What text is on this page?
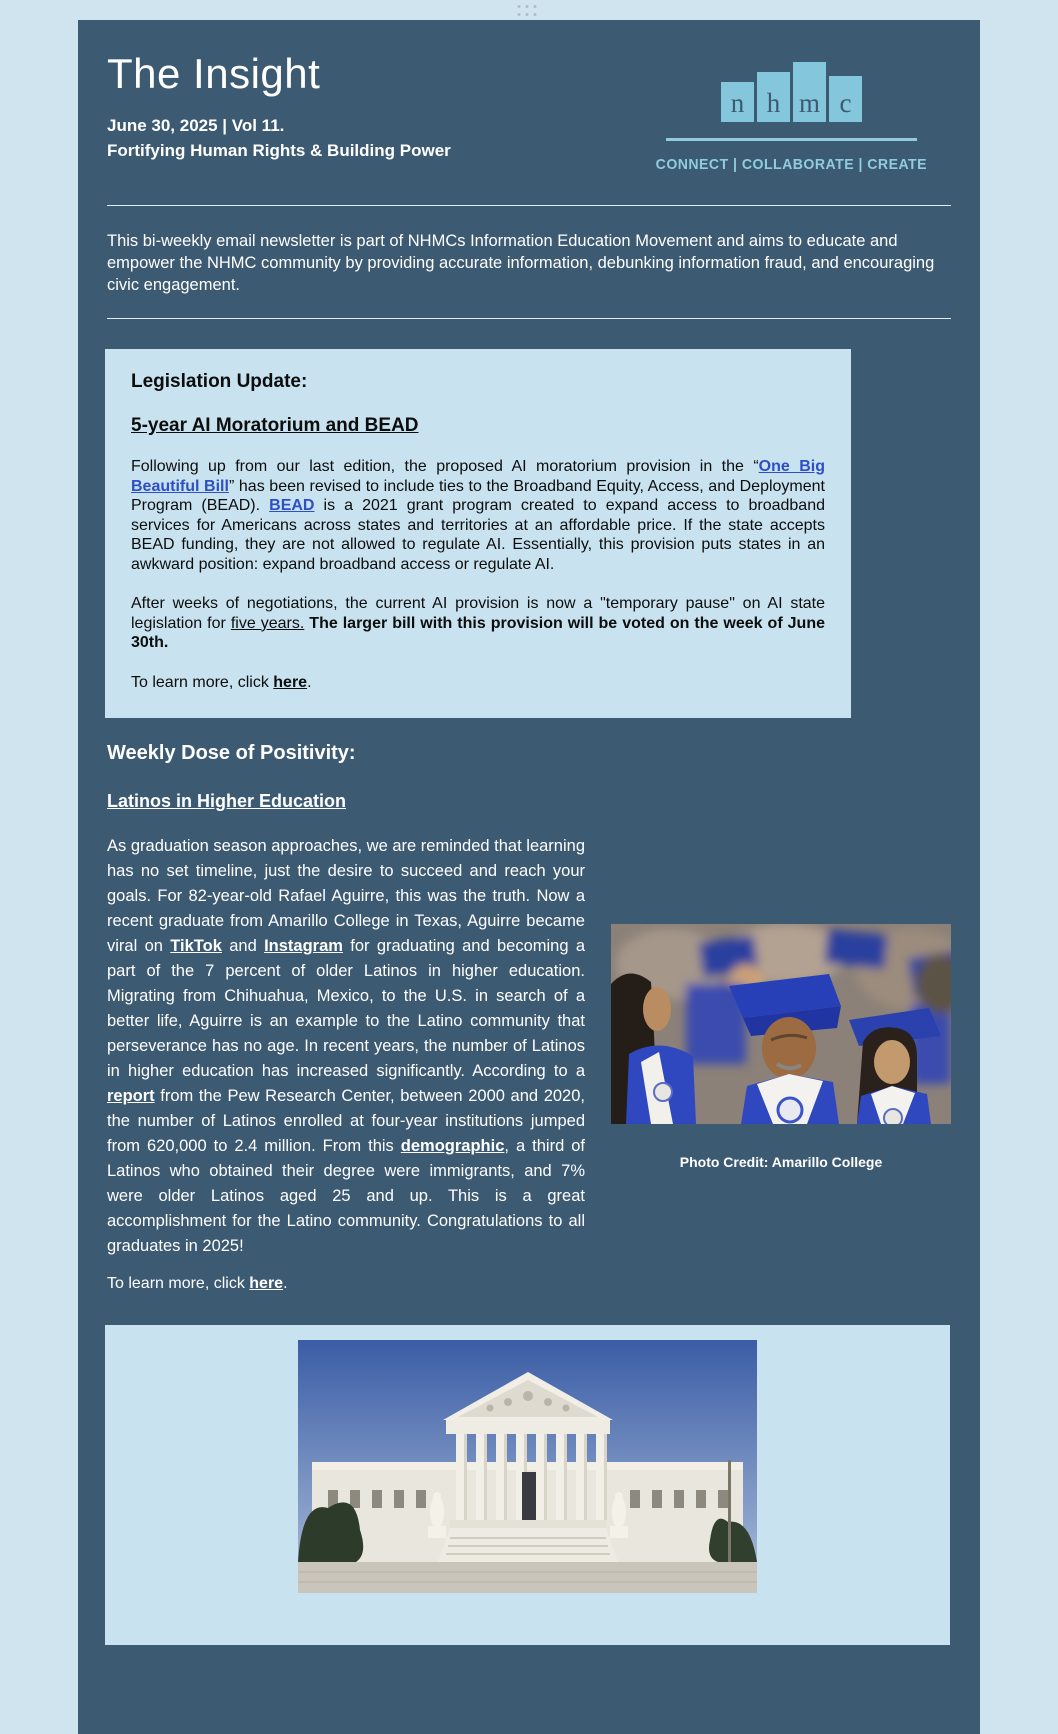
The Insight
June 30, 2025 | Vol 11.
Fortifying Human Rights & Building Power
n h m c
CONNECT | COLLABORATE | CREATE

This bi-weekly email newsletter is part of NHMCs Information Education Movement and aims to educate and empower the NHMC community by providing accurate information, debunking information fraud, and encouraging civic engagement.

Legislation Update:
5-year AI Moratorium and BEAD

Following up from our last edition, the proposed AI moratorium provision in the “One Big Beautiful Bill” has been revised to include ties to the Broadband Equity, Access, and Deployment Program (BEAD). BEAD is a 2021 grant program created to expand access to broadband services for Americans across states and territories at an affordable price. If the state accepts BEAD funding, they are not allowed to regulate AI. Essentially, this provision puts states in an awkward position: expand broadband access or regulate AI.

After weeks of negotiations, the current AI provision is now a "temporary pause" on AI state legislation for five years. The larger bill with this provision will be voted on the week of June 30th.

To learn more, click here.

Weekly Dose of Positivity:
Latinos in Higher Education
As graduation season approaches, we are reminded that learning has no set timeline, just the desire to succeed and reach your goals. For 82-year-old Rafael Aguirre, this was the truth. Now a recent graduate from Amarillo College in Texas, Aguirre became viral on TikTok and Instagram for graduating and becoming a part of the 7 percent of older Latinos in higher education. Migrating from Chihuahua, Mexico, to the U.S. in search of a better life, Aguirre is an example to the Latino community that perseverance has no age. In recent years, the number of Latinos in higher education has increased significantly. According to a report from the Pew Research Center, between 2000 and 2020, the number of Latinos enrolled at four-year institutions jumped from 620,000 to 2.4 million. From this demographic, a third of Latinos who obtained their degree were immigrants, and 7% were older Latinos aged 25 and up. This is a great accomplishment for the Latino community. Congratulations to all graduates in 2025!
Photo Credit: Amarillo College

To learn more, click here.
